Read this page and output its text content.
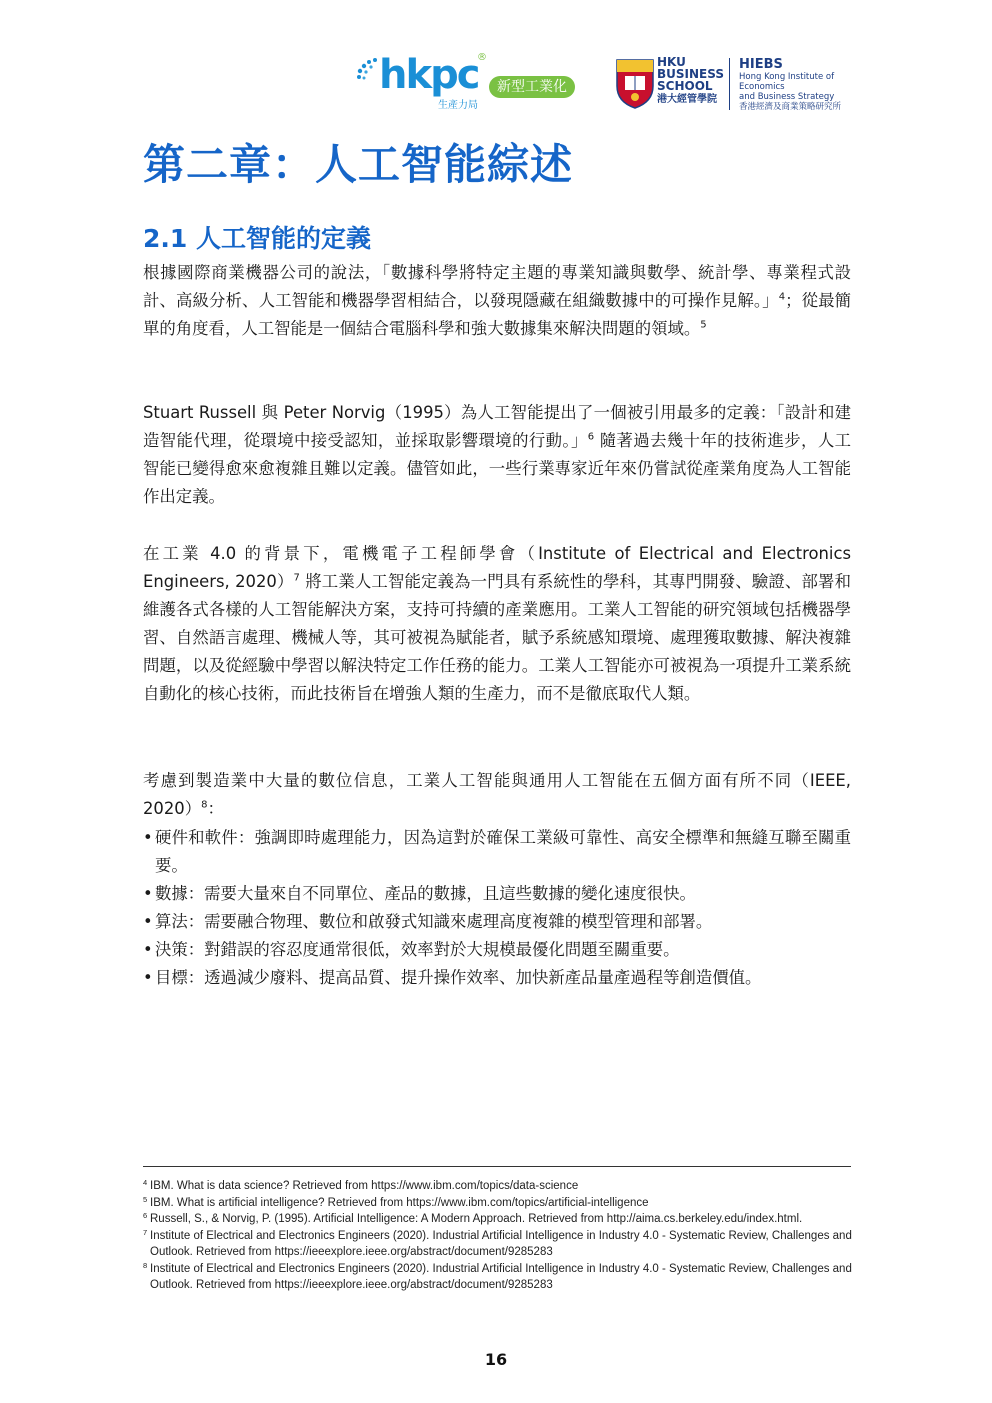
hkpc
®
生產力局
新型工業化
HKU
BUSINESS
SCHOOL
港大經管學院
HIEBS
Hong Kong Institute of Economics
and Business Strategy
香港經濟及商業策略研究所
第二章：人工智能綜述
2.1 人工智能的定義

根據國際商業機器公司的說法，「數據科學將特定主題的專業知識與數學、統計學、專業程式設計、高級分析、人工智能和機器學習相結合，以發現隱藏在組織數據中的可操作見解。」$^4$；從最簡單的角度看，人工智能是一個結合電腦科學和強大數據集來解決問題的領域。$^5$

Stuart Russell 與 Peter Norvig（1995）為人工智能提出了一個被引用最多的定義：「設計和建造智能代理，從環境中接受認知，並採取影響環境的行動。」$^6$ 隨著過去幾十年的技術進步，人工智能已變得愈來愈複雜且難以定義。儘管如此，一些行業專家近年來仍嘗試從產業角度為人工智能作出定義。

在工業 4.0 的背景下，電機電子工程師學會（Institute of Electrical and Electronics Engineers, 2020）$^7$ 將工業人工智能定義為一門具有系統性的學科，其專門開發、驗證、部署和維護各式各樣的人工智能解決方案，支持可持續的產業應用。工業人工智能的研究領域包括機器學習、自然語言處理、機械人等，其可被視為賦能者，賦予系統感知環境、處理獲取數據、解決複雜問題，以及從經驗中學習以解決特定工作任務的能力。工業人工智能亦可被視為一項提升工業系統自動化的核心技術，而此技術旨在增強人類的生產力，而不是徹底取代人類。

考慮到製造業中大量的數位信息，工業人工智能與通用人工智能在五個方面有所不同（IEEE, 2020）$^8$：

• 硬件和軟件：強調即時處理能力，因為這對於確保工業級可靠性、高安全標準和無縫互聯至關重要。
• 數據：需要大量來自不同單位、產品的數據，且這些數據的變化速度很快。
• 算法：需要融合物理、數位和啟發式知識來處理高度複雜的模型管理和部署。
• 決策：對錯誤的容忍度通常很低，效率對於大規模最優化問題至關重要。
• 目標：透過減少廢料、提高品質、提升操作效率、加快新產品量產過程等創造價值。
4 IBM. What is data science? Retrieved from https://www.ibm.com/topics/data-science
5 IBM. What is artificial intelligence? Retrieved from https://www.ibm.com/topics/artificial-intelligence
6 Russell, S., & Norvig, P. (1995). Artificial Intelligence: A Modern Approach. Retrieved from http://aima.cs.berkeley.edu/index.html.
7 Institute of Electrical and Electronics Engineers (2020). Industrial Artificial Intelligence in Industry 4.0 - Systematic Review, Challenges and Outlook. Retrieved from https://ieeexplore.ieee.org/abstract/document/9285283
8 Institute of Electrical and Electronics Engineers (2020). Industrial Artificial Intelligence in Industry 4.0 - Systematic Review, Challenges and Outlook. Retrieved from https://ieeexplore.ieee.org/abstract/document/9285283
16
